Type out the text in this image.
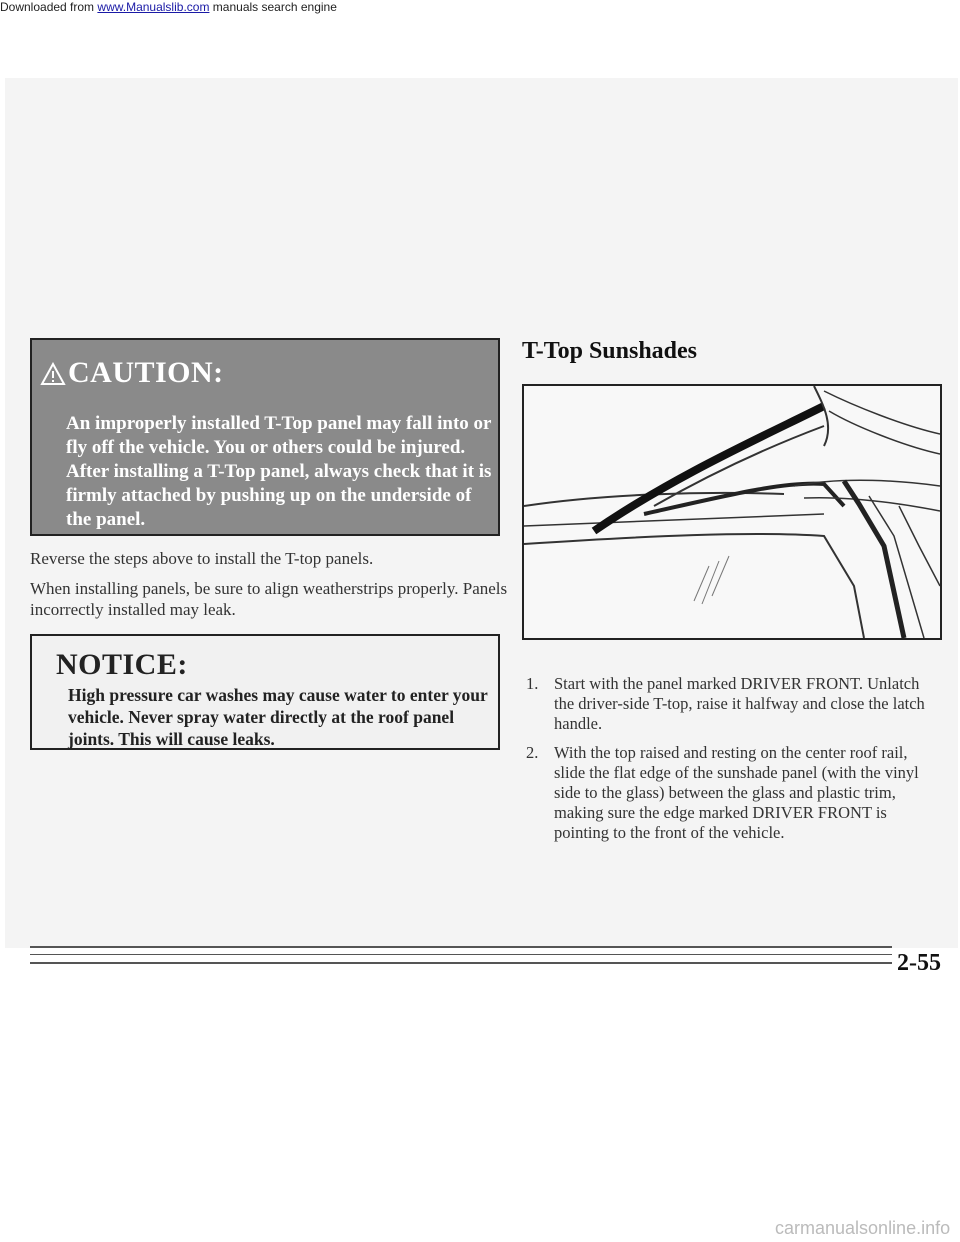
Downloaded from www.Manualslib.com manuals search engine
CAUTION:
An improperly installed T-Top panel may fall into or fly off the vehicle. You or others could be injured. After installing a T-Top panel, always check that it is firmly attached by pushing up on the underside of the panel.
Reverse the steps above to install the T-top panels.
When installing panels, be sure to align weatherstrips properly. Panels incorrectly installed may leak.
NOTICE:
High pressure car washes may cause water to enter your vehicle. Never spray water directly at the roof panel joints. This will cause leaks.
T-Top Sunshades
1. Start with the panel marked DRIVER FRONT. Unlatch the driver-side T-top, raise it halfway and close the latch handle.
2. With the top raised and resting on the center roof rail, slide the flat edge of the sunshade panel (with the vinyl side to the glass) between the glass and plastic trim, making sure the edge marked DRIVER FRONT is pointing to the front of the vehicle.
2-55
carmanualsonline.info
